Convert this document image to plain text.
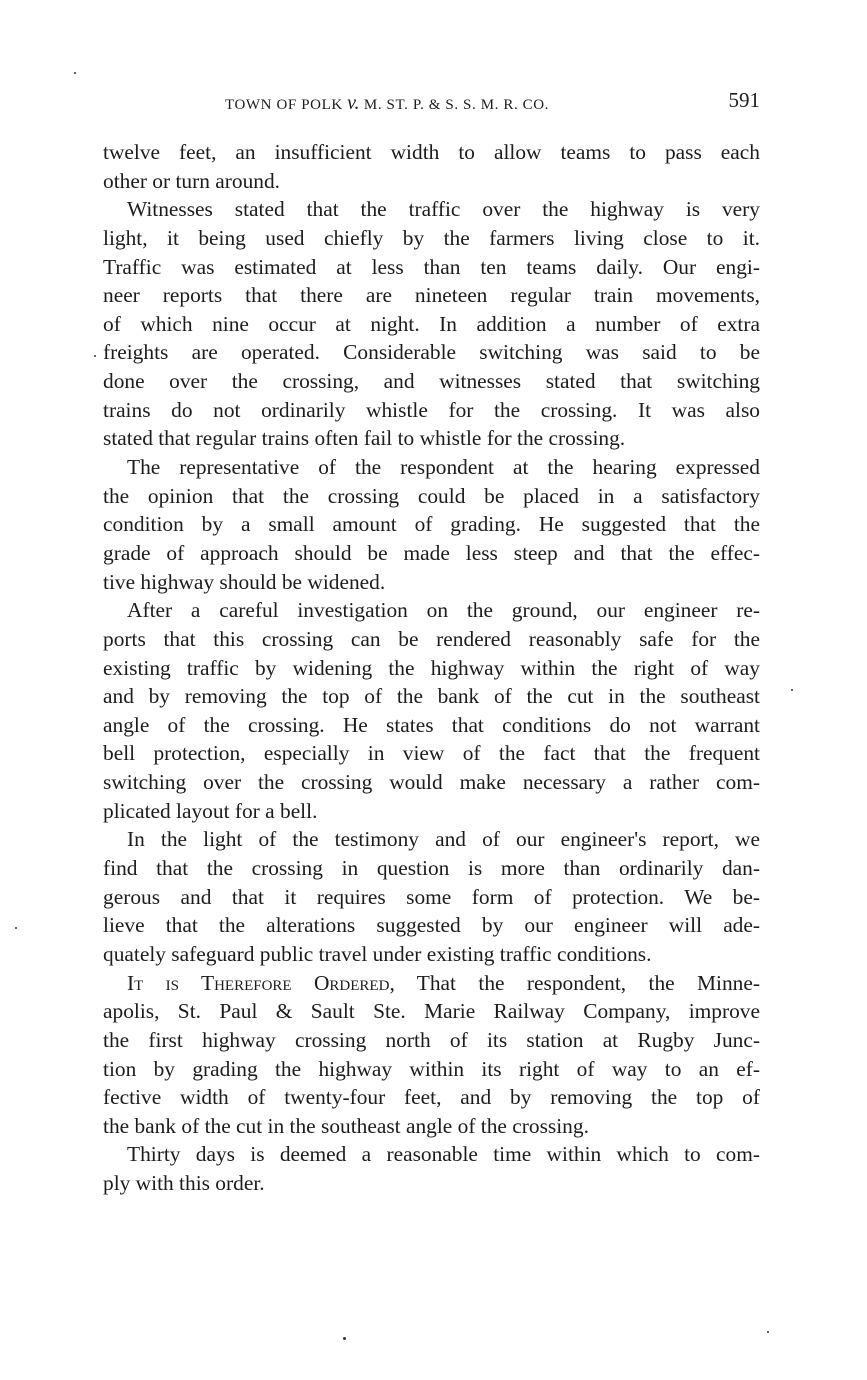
TOWN OF POLK v. M. ST. P. & S. S. M. R. CO.	591
twelve feet, an insufficient width to allow teams to pass each
other or turn around.
Witnesses stated that the traffic over the highway is very
light, it being used chiefly by the farmers living close to it.
Traffic was estimated at less than ten teams daily. Our engi-
neer reports that there are nineteen regular train movements,
of which nine occur at night. In addition a number of extra
freights are operated. Considerable switching was said to be
done over the crossing, and witnesses stated that switching
trains do not ordinarily whistle for the crossing. It was also
stated that regular trains often fail to whistle for the crossing.
The representative of the respondent at the hearing expressed
the opinion that the crossing could be placed in a satisfactory
condition by a small amount of grading. He suggested that the
grade of approach should be made less steep and that the effec-
tive highway should be widened.
After a careful investigation on the ground, our engineer re-
ports that this crossing can be rendered reasonably safe for the
existing traffic by widening the highway within the right of way
and by removing the top of the bank of the cut in the southeast
angle of the crossing. He states that conditions do not warrant
bell protection, especially in view of the fact that the frequent
switching over the crossing would make necessary a rather com-
plicated layout for a bell.
In the light of the testimony and of our engineer's report, we
find that the crossing in question is more than ordinarily dan-
gerous and that it requires some form of protection. We be-
lieve that the alterations suggested by our engineer will ade-
quately safeguard public travel under existing traffic conditions.
It is Therefore Ordered, That the respondent, the Minne-
apolis, St. Paul & Sault Ste. Marie Railway Company, improve
the first highway crossing north of its station at Rugby Junc-
tion by grading the highway within its right of way to an ef-
fective width of twenty-four feet, and by removing the top of
the bank of the cut in the southeast angle of the crossing.
Thirty days is deemed a reasonable time within which to com-
ply with this order.
